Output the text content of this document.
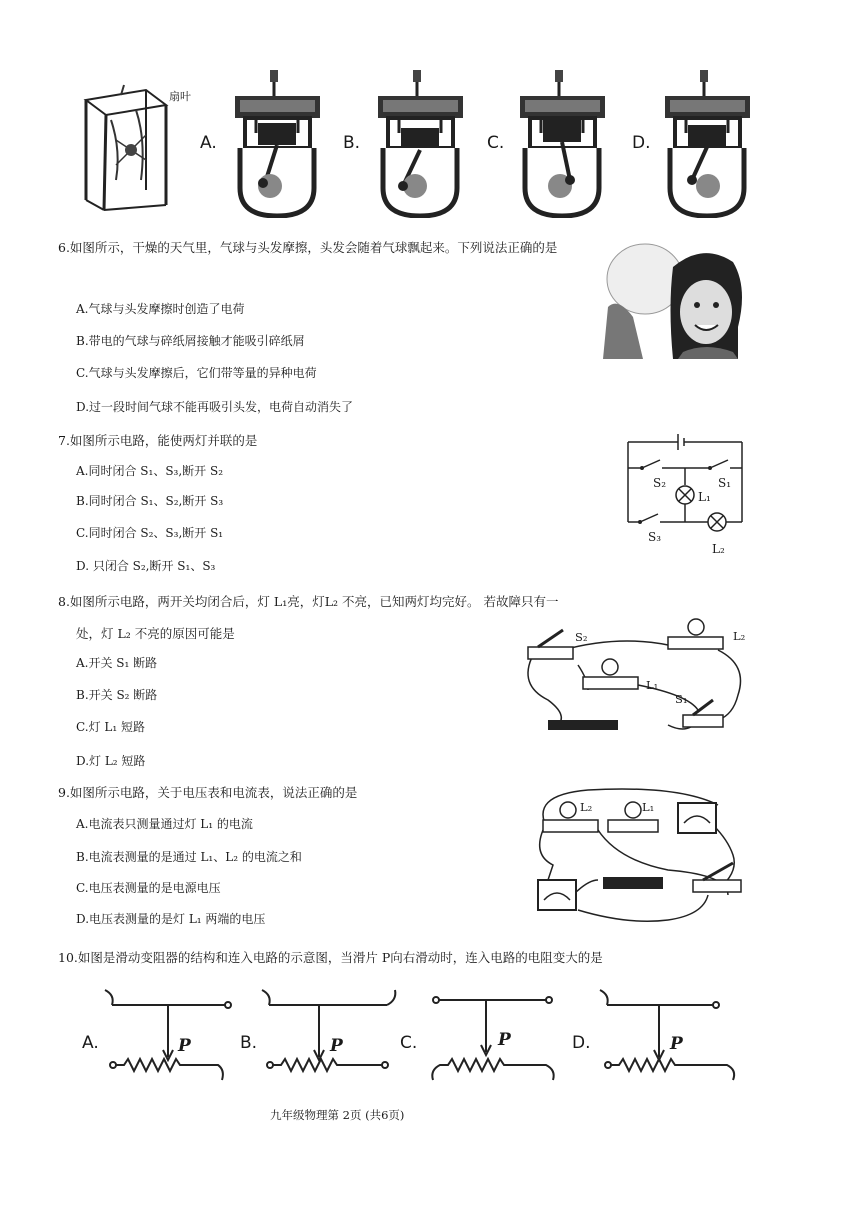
扇叶
A.	B.	C.	D.
6.如图所示，干燥的天气里，气球与头发摩擦，头发会随着气球飘起来。下列说法正确的是
A.气球与头发摩擦时创造了电荷
B.带电的气球与碎纸屑接触才能吸引碎纸屑
C.气球与头发摩擦后，它们带等量的异种电荷
D.过一段时间气球不能再吸引头发，电荷自动消失了
7.如图所示电路，能使两灯并联的是
A.同时闭合 S₁、S₃,断开 S₂
B.同时闭合 S₁、S₂,断开 S₃
C.同时闭合 S₂、S₃,断开 S₁
D. 只闭合 S₂,断开 S₁、S₃
S₂	S₁
L₁
S₃
L₂
8.如图所示电路，两开关均闭合后，灯 L₁亮，灯L₂ 不亮，已知两灯均完好。 若故障只有一
处，灯 L₂ 不亮的原因可能是
A.开关 S₁ 断路
B.开关 S₂ 断路
C.灯 L₁ 短路
D.灯 L₂ 短路
S₂	L₂
L₁
S₁
9.如图所示电路，关于电压表和电流表，说法正确的是
A.电流表只测量通过灯 L₁ 的电流
B.电流表测量的是通过 L₁、L₂ 的电流之和
C.电压表测量的是电源电压
D.电压表测量的是灯 L₁ 两端的电压
L₂	L₁
10.如图是滑动变阻器的结构和连入电路的示意图，当滑片 P向右滑动时，连入电路的电阻变大的是
A.	B.	C.	D.
P	P	P	P
九年级物理第 2页 (共6页)
